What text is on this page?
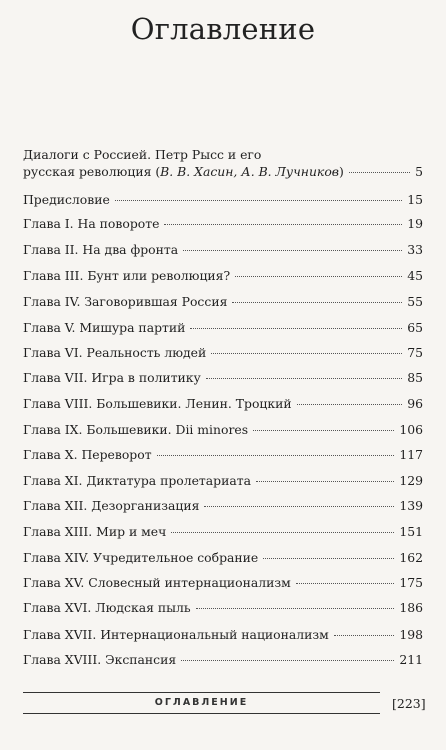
Оглавление
Диалоги с Россией. Петр Рысс и его
русская революция (В. В. Хасин, А. В. Лучников)	5
Предисловие	15
Глава I. На повороте	19
Глава II. На два фронта	33
Глава III. Бунт или революция?	45
Глава IV. Заговорившая Россия	55
Глава V. Мишура партий	65
Глава VI. Реальность людей	75
Глава VII. Игра в политику	85
Глава VIII. Большевики. Ленин. Троцкий	96
Глава IX. Большевики. Dii minores	106
Глава X. Переворот	117
Глава XI. Диктатура пролетариата	129
Глава XII. Дезорганизация	139
Глава XIII. Мир и меч	151
Глава XIV. Учредительное собрание	162
Глава XV. Словесный интернационализм	175
Глава XVI. Людская пыль	186
Глава XVII. Интернациональный национализм	198
Глава XVIII. Экспансия	211
ОГЛАВЛЕНИЕ	[223]
